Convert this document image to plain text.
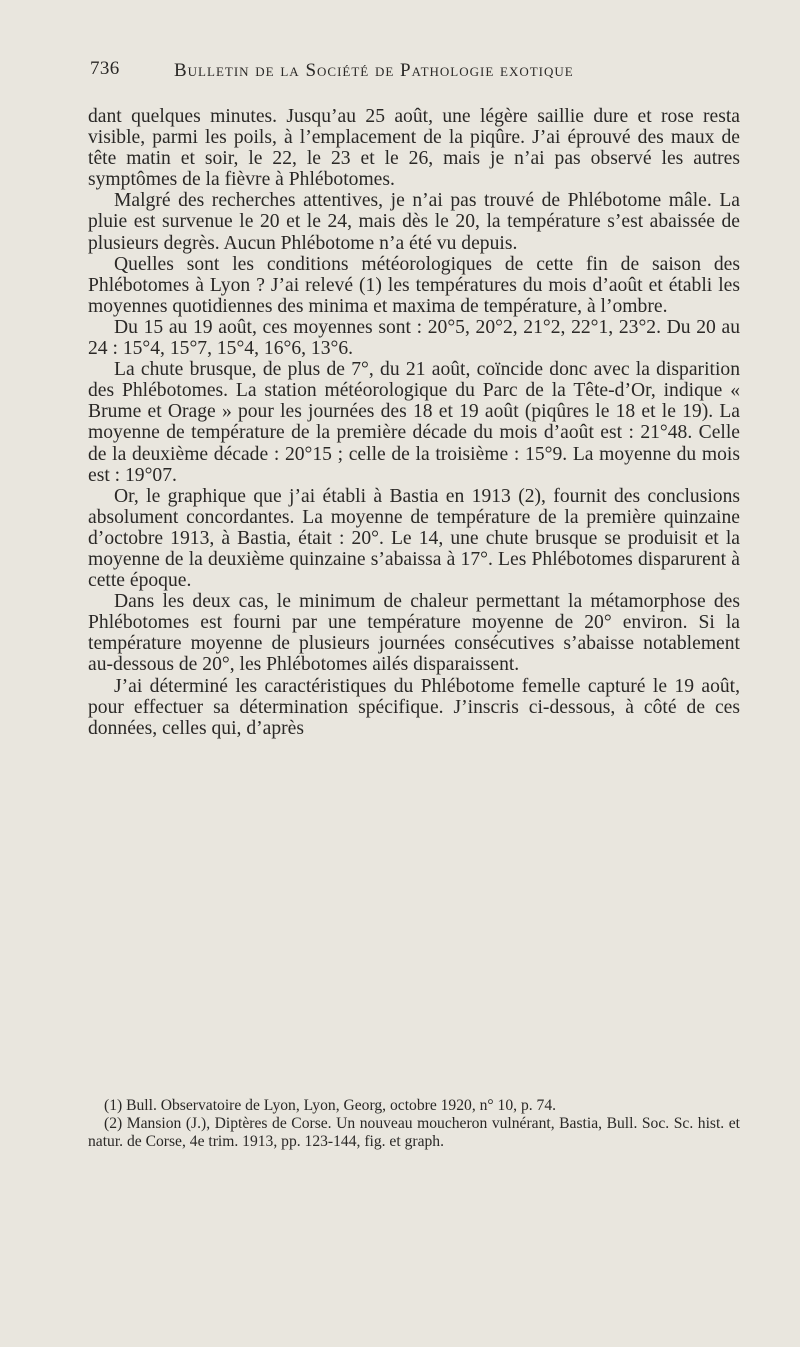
736	Bulletin de la Société de Pathologie exotique

dant quelques minutes. Jusqu’au 25 août, une légère saillie dure et rose resta visible, parmi les poils, à l’emplacement de la piqûre. J’ai éprouvé des maux de tête matin et soir, le 22, le 23 et le 26, mais je n’ai pas observé les autres symptômes de la fièvre à Phlébotomes.

Malgré des recherches attentives, je n’ai pas trouvé de Phlébotome mâle. La pluie est survenue le 20 et le 24, mais dès le 20, la température s’est abaissée de plusieurs degrès. Aucun Phlébotome n’a été vu depuis.

Quelles sont les conditions météorologiques de cette fin de saison des Phlébotomes à Lyon ? J’ai relevé (1) les températures du mois d’août et établi les moyennes quotidiennes des minima et maxima de température, à l’ombre.

Du 15 au 19 août, ces moyennes sont : 20°5, 20°2, 21°2, 22°1, 23°2. Du 20 au 24 : 15°4, 15°7, 15°4, 16°6, 13°6.

La chute brusque, de plus de 7°, du 21 août, coïncide donc avec la disparition des Phlébotomes. La station météorologique du Parc de la Tête-d’Or, indique « Brume et Orage » pour les journées des 18 et 19 août (piqûres le 18 et le 19). La moyenne de température de la première décade du mois d’août est : 21°48. Celle de la deuxième décade : 20°15 ; celle de la troisième : 15°9. La moyenne du mois est : 19°07.

Or, le graphique que j’ai établi à Bastia en 1913 (2), fournit des conclusions absolument concordantes. La moyenne de température de la première quinzaine d’octobre 1913, à Bastia, était : 20°. Le 14, une chute brusque se produisit et la moyenne de la deuxième quinzaine s’abaissa à 17°. Les Phlébotomes disparurent à cette époque.

Dans les deux cas, le minimum de chaleur permettant la métamorphose des Phlébotomes est fourni par une température moyenne de 20° environ. Si la température moyenne de plusieurs journées consécutives s’abaisse notablement au-dessous de 20°, les Phlébotomes ailés disparaissent.

J’ai déterminé les caractéristiques du Phlébotome femelle capturé le 19 août, pour effectuer sa détermination spécifique. J’inscris ci-dessous, à côté de ces données, celles qui, d’après

(1) Bull. Observatoire de Lyon, Lyon, Georg, octobre 1920, n° 10, p. 74.

(2) Mansion (J.), Diptères de Corse. Un nouveau moucheron vulnérant, Bastia, Bull. Soc. Sc. hist. et natur. de Corse, 4e trim. 1913, pp. 123-144, fig. et graph.
